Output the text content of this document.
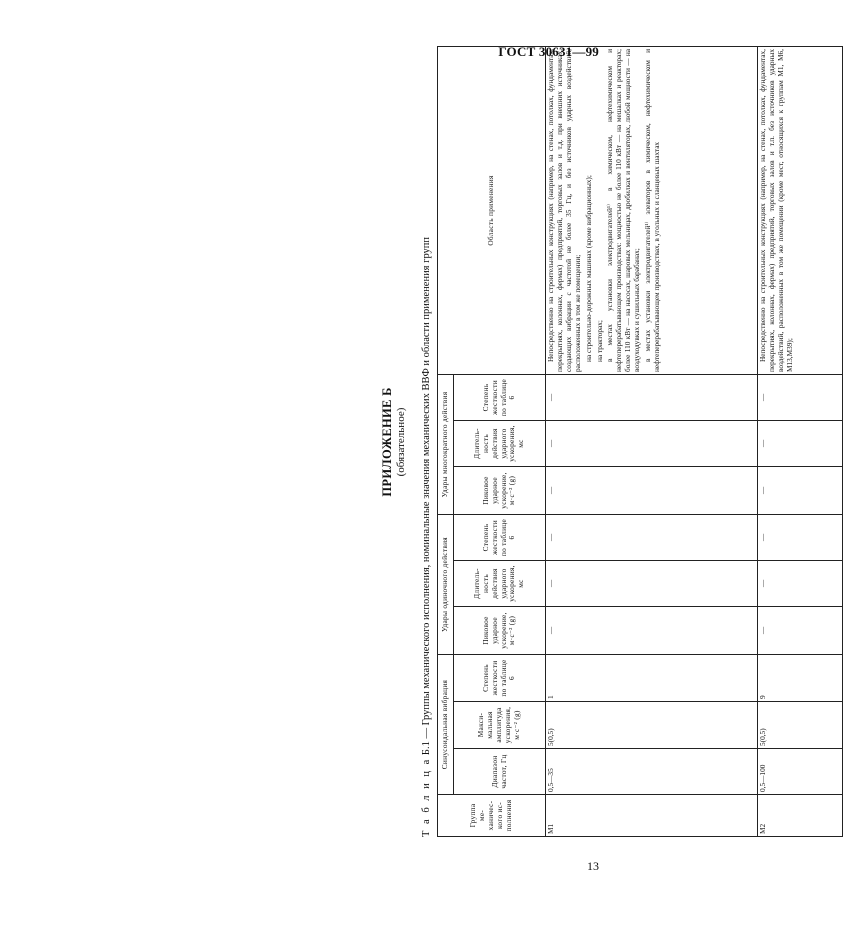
ГОСТ 30631—99
ПРИЛОЖЕНИЕ Б (обязательное)
Т а б л и ц а Б.1 — Группы механического исполнения, номинальные значения механических ВВФ и области применения групп
Группа ме-ханичес-кого ис-полнения	Синусоидальная вибрация			Удары одиночного действия			Удары многократного действия			Область применения
	Диапазон частот, Гц	Макси-мальная амплитуда ускорения, м·с⁻² (g)	Степень жесткости по таблице 6	Пиковое ударное ускорение, м·с⁻² (g)	Длитель-ность действия ударного ускорения, мс	Степень жесткости по таблице 6	Пиковое ударное ускорение, м·с⁻² (g)	Длитель-ность действия ударного ускорения, мс	Степень жесткости по таблице 6	
M1	0,5—35	5(0,5)	1	—	—	—	—	—	—	Непосредственно на строительных конструкциях (например, на стенах, потолках, фундаментах, перекрытиях, колоннах, фермах) предприятий, торговых залов и т.д. при внешних источниках, создающих вибрации с частотой не более 35 Гц, и без источников ударных воздействий, расположенных в том же помещении; на строительно-дорожных машинах (кроме вибрационных); на тракторах; в местах установки электродвигателей¹⁾ в химическом, нефтехимическом и нефтеперерабатывающем производствах: мощностью не более 110 кВт — на мешалках и реакторах; более 110 кВт — на насосах, шаровых мельницах, дробилках и вентиляторах, любой мощности — на воздуходувках и сушильных барабанах; в местах установки электродвигателей¹⁾ элеваторов в химическом, нефтехимическом и нефтеперерабатывающем производствах, в угольных и сланцевых шахтах

M2	0,5—100	5(0,5)	9	—	—	—	—	—	—	Непосредственно на строительных конструкциях (например, на стенах, потолках, фундаментах, перекрытиях, колоннах, фермах) предприятий, торговых залов и т.п. без источников ударных воздействий, расположенных в том же помещении (кроме мест, относящихся к группам М1, М6, М13,М39);

13
